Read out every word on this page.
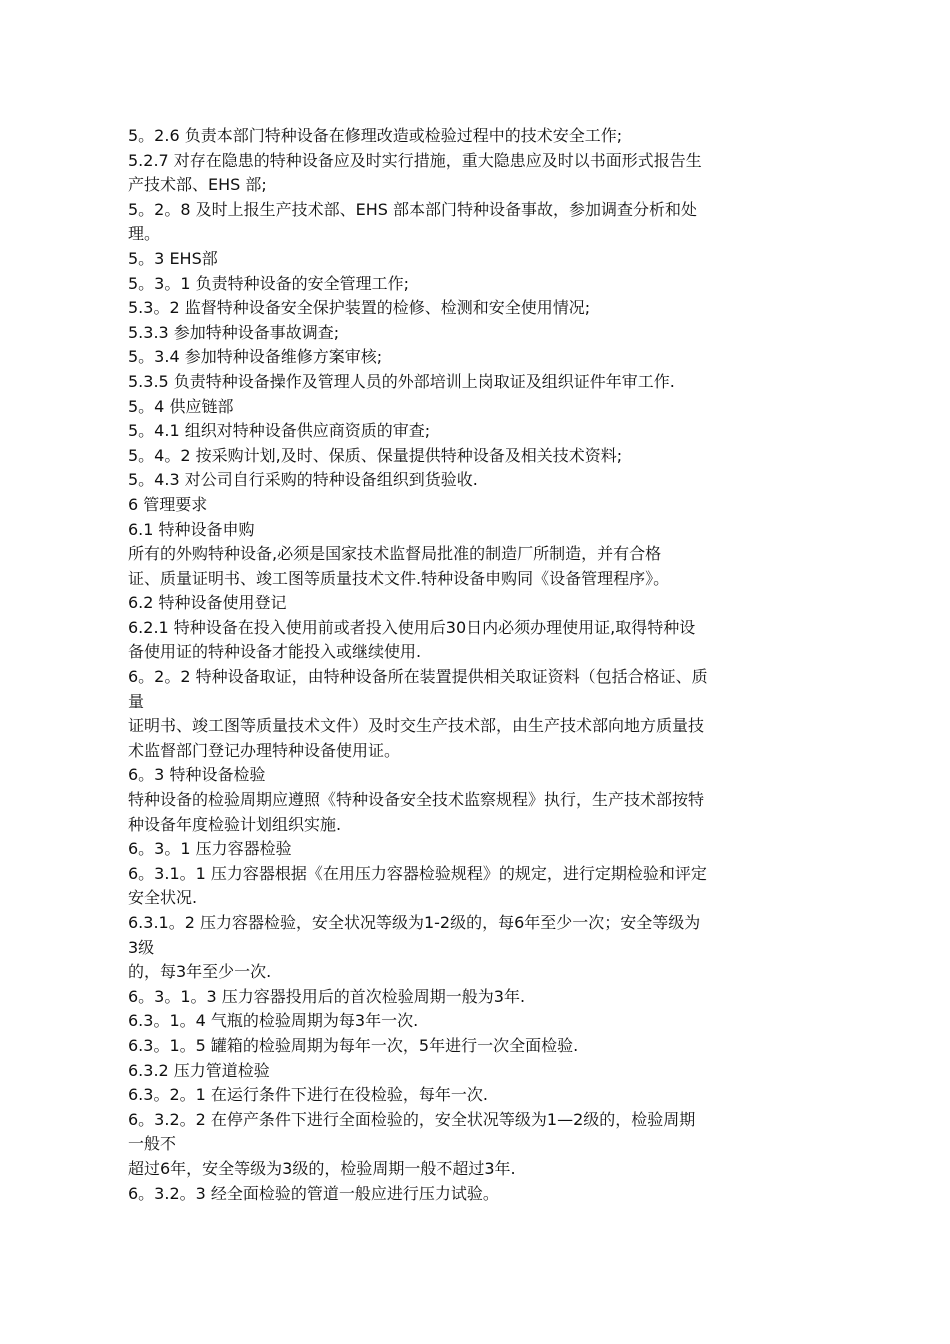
5。2.6 负责本部门特种设备在修理改造或检验过程中的技术安全工作;
5.2.7 对存在隐患的特种设备应及时实行措施，重大隐患应及时以书面形式报告生
产技术部、EHS 部;
5。2。8 及时上报生产技术部、EHS 部本部门特种设备事故，参加调查分析和处
理。
5。3 EHS部
5。3。1 负责特种设备的安全管理工作;
5.3。2 监督特种设备安全保护装置的检修、检测和安全使用情况;
5.3.3 参加特种设备事故调查;
5。3.4 参加特种设备维修方案审核;
5.3.5 负责特种设备操作及管理人员的外部培训上岗取证及组织证件年审工作.
5。4 供应链部
5。4.1 组织对特种设备供应商资质的审查;
5。4。2 按采购计划,及时、保质、保量提供特种设备及相关技术资料;
5。4.3 对公司自行采购的特种设备组织到货验收.
6 管理要求
6.1 特种设备申购
所有的外购特种设备,必须是国家技术监督局批准的制造厂所制造，并有合格
证、质量证明书、竣工图等质量技术文件.特种设备申购同《设备管理程序》。
6.2 特种设备使用登记
6.2.1 特种设备在投入使用前或者投入使用后30日内必须办理使用证,取得特种设
备使用证的特种设备才能投入或继续使用.
6。2。2 特种设备取证，由特种设备所在装置提供相关取证资料（包括合格证、质
量
证明书、竣工图等质量技术文件）及时交生产技术部，由生产技术部向地方质量技
术监督部门登记办理特种设备使用证。
6。3 特种设备检验
特种设备的检验周期应遵照《特种设备安全技术监察规程》执行，生产技术部按特
种设备年度检验计划组织实施.
6。3。1 压力容器检验
6。3.1。1 压力容器根据《在用压力容器检验规程》的规定，进行定期检验和评定
安全状况.
6.3.1。2 压力容器检验，安全状况等级为1-2级的，每6年至少一次；安全等级为
3级
的，每3年至少一次.
6。3。1。3 压力容器投用后的首次检验周期一般为3年.
6.3。1。4 气瓶的检验周期为每3年一次.
6.3。1。5 罐箱的检验周期为每年一次，5年进行一次全面检验.
6.3.2 压力管道检验
6.3。2。1 在运行条件下进行在役检验，每年一次.
6。3.2。2 在停产条件下进行全面检验的，安全状况等级为1—2级的，检验周期
一般不
超过6年，安全等级为3级的，检验周期一般不超过3年.
6。3.2。3 经全面检验的管道一般应进行压力试验。
